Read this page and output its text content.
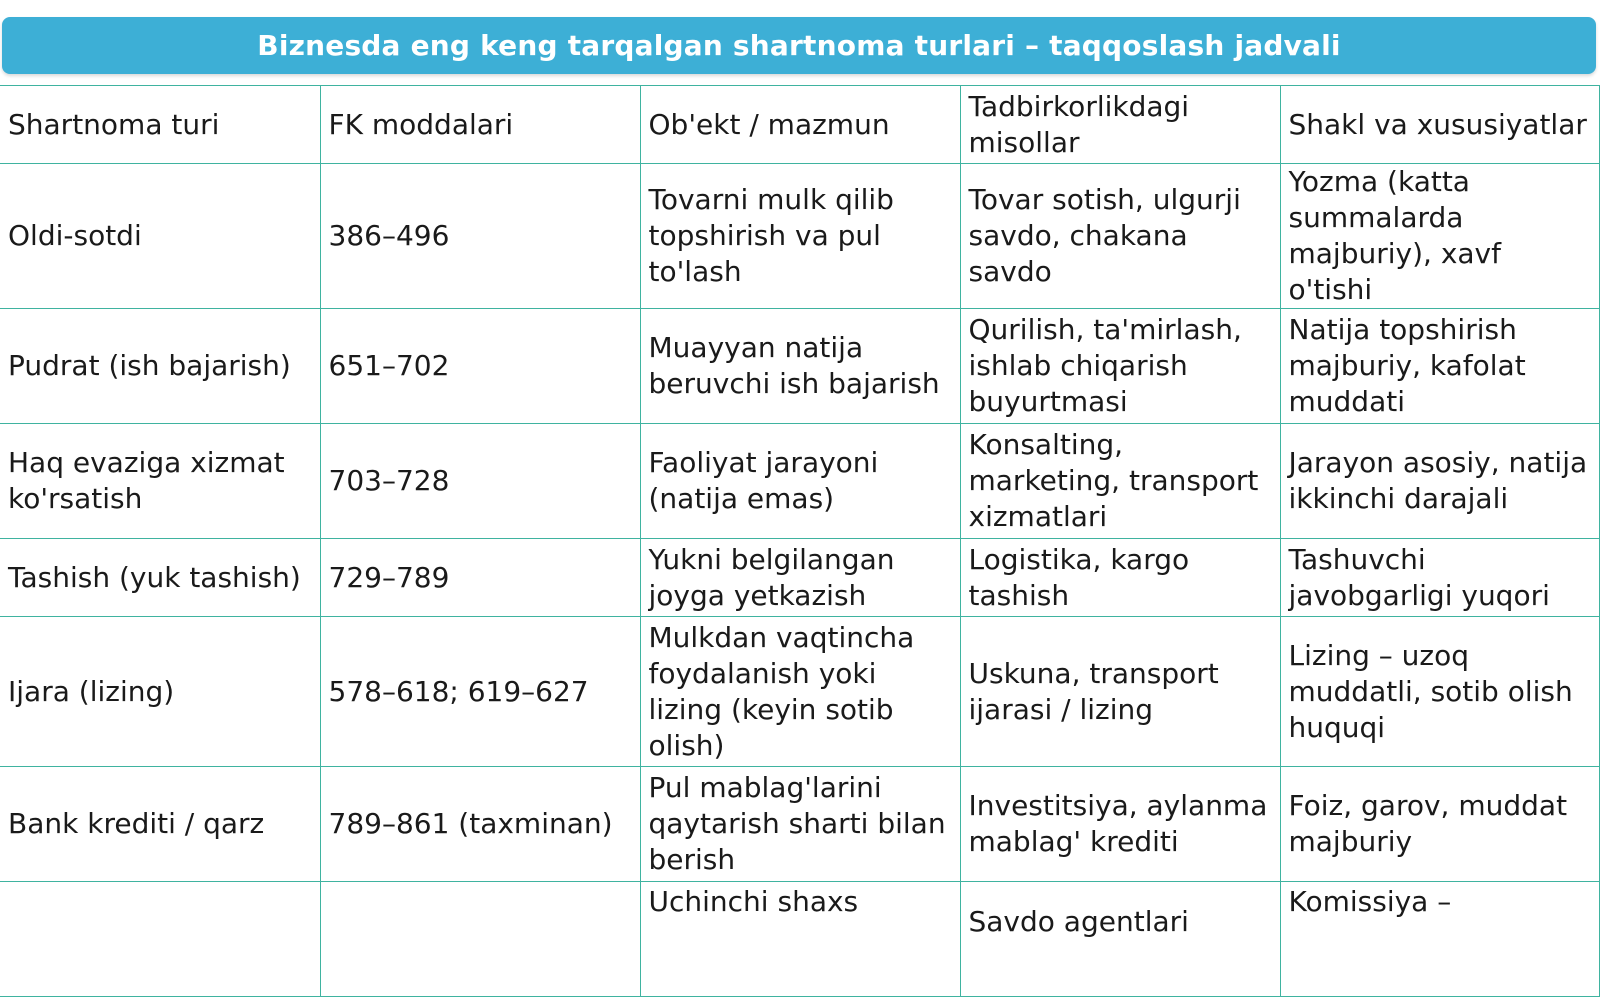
Biznesda eng keng tarqalgan shartnoma turlari – taqqoslash jadvali
Shartnoma turi	FK moddalari	Ob'ekt / mazmun	Tadbirkorlikdagi misollar	Shakl va xususiyatlar
Oldi-sotdi	386–496	Tovarni mulk qilib topshirish va pul to'lash	Tovar sotish, ulgurji savdo, chakana savdo	Yozma (katta summalarda majburiy), xavf o'tishi
Pudrat (ish bajarish)	651–702	Muayyan natija beruvchi ish bajarish	Qurilish, ta'mirlash, ishlab chiqarish buyurtmasi	Natija topshirish majburiy, kafolat muddati
Haq evaziga xizmat ko'rsatish	703–728	Faoliyat jarayoni (natija emas)	Konsalting, marketing, transport xizmatlari	Jarayon asosiy, natija ikkinchi darajali
Tashish (yuk tashish)	729–789	Yukni belgilangan joyga yetkazish	Logistika, kargo tashish	Tashuvchi javobgarligi yuqori
Ijara (lizing)	578–618; 619–627	Mulkdan vaqtincha foydalanish yoki lizing (keyin sotib olish)	Uskuna, transport ijarasi / lizing	Lizing – uzoq muddatli, sotib olish huquqi
Bank krediti / qarz	789–861 (taxminan)	Pul mablag'larini qaytarish sharti bilan berish	Investitsiya, aylanma mablag' krediti	Foiz, garov, muddat majburiy
		Uchinchi shaxs	Savdo agentlari	Komissiya –
